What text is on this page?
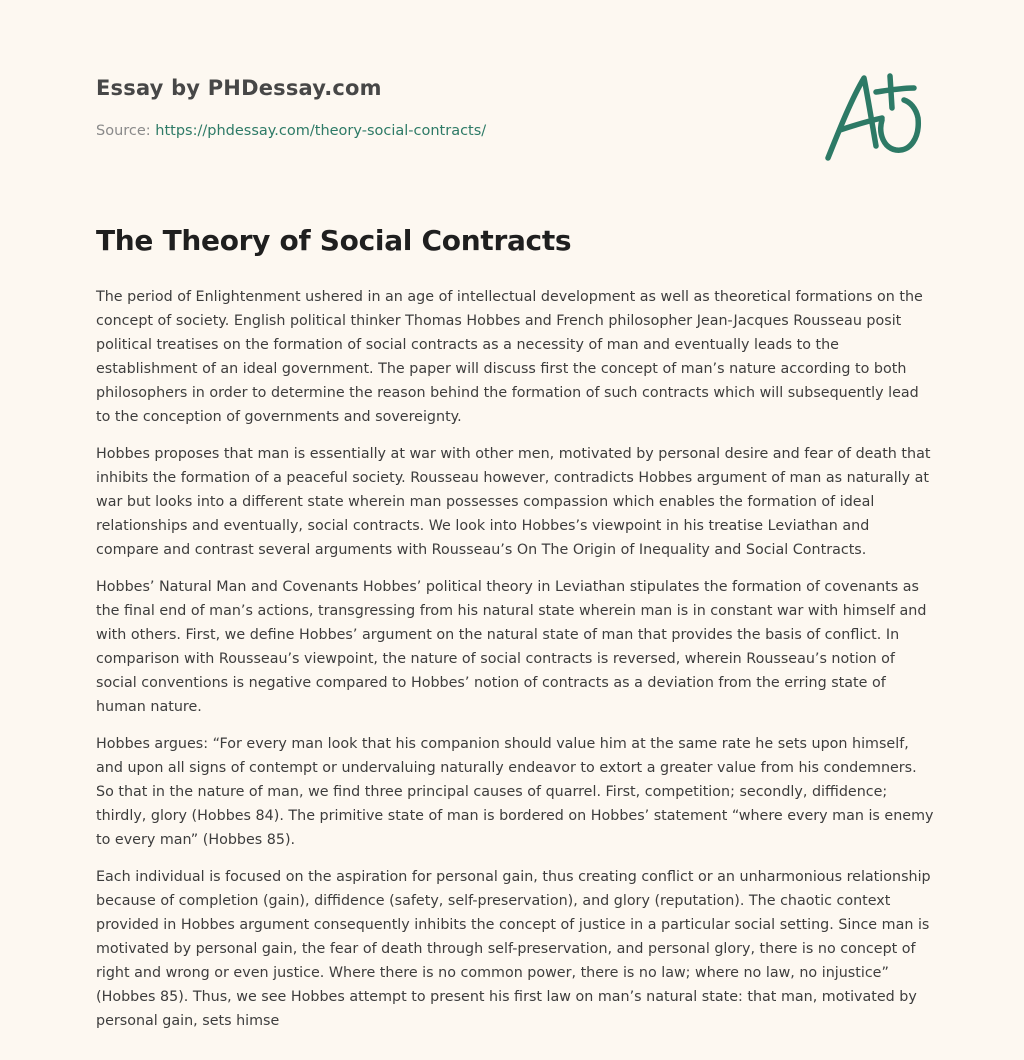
Essay by PHDessay.com

Source: https://phdessay.com/theory-social-contracts/

The Theory of Social Contracts

The period of Enlightenment ushered in an age of intellectual development as well as theoretical formations on the concept of society. English political thinker Thomas Hobbes and French philosopher Jean-Jacques Rousseau posit political treatises on the formation of social contracts as a necessity of man and eventually leads to the establishment of an ideal government. The paper will discuss first the concept of man’s nature according to both philosophers in order to determine the reason behind the formation of such contracts which will subsequently lead to the conception of governments and sovereignty.

Hobbes proposes that man is essentially at war with other men, motivated by personal desire and fear of death that inhibits the formation of a peaceful society. Rousseau however, contradicts Hobbes argument of man as naturally at war but looks into a different state wherein man possesses compassion which enables the formation of ideal relationships and eventually, social contracts. We look into Hobbes’s viewpoint in his treatise Leviathan and compare and contrast several arguments with Rousseau’s On The Origin of Inequality and Social Contracts.

Hobbes’ Natural Man and Covenants Hobbes’ political theory in Leviathan stipulates the formation of covenants as the final end of man’s actions, transgressing from his natural state wherein man is in constant war with himself and with others. First, we define Hobbes’ argument on the natural state of man that provides the basis of conflict. In comparison with Rousseau’s viewpoint, the nature of social contracts is reversed, wherein Rousseau’s notion of social conventions is negative compared to Hobbes’ notion of contracts as a deviation from the erring state of human nature.

Hobbes argues: “For every man look that his companion should value him at the same rate he sets upon himself, and upon all signs of contempt or undervaluing naturally endeavor to extort a greater value from his condemners. So that in the nature of man, we find three principal causes of quarrel. First, competition; secondly, diffidence; thirdly, glory (Hobbes 84). The primitive state of man is bordered on Hobbes’ statement “where every man is enemy to every man” (Hobbes 85).

Each individual is focused on the aspiration for personal gain, thus creating conflict or an unharmonious relationship because of completion (gain), diffidence (safety, self-preservation), and glory (reputation). The chaotic context provided in Hobbes argument consequently inhibits the concept of justice in a particular social setting. Since man is motivated by personal gain, the fear of death through self-preservation, and personal glory, there is no concept of right and wrong or even justice. Where there is no common power, there is no law; where no law, no injustice” (Hobbes 85). Thus, we see Hobbes attempt to present his first law on man’s natural state: that man, motivated by personal gain, sets himse
